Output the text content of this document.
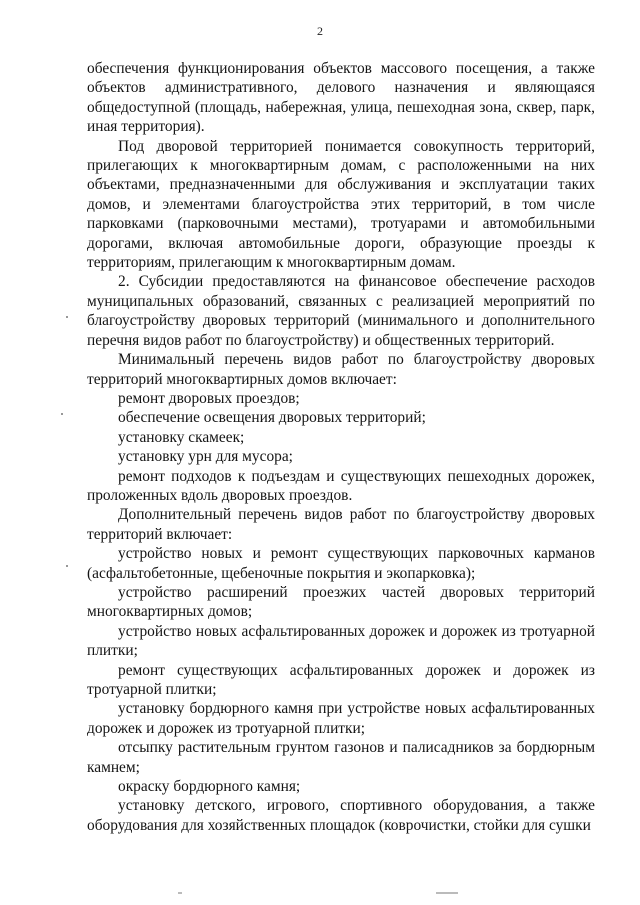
2

обеспечения функционирования объектов массового посещения, а также объектов административного, делового назначения и являющаяся общедоступной (площадь, набережная, улица, пешеходная зона, сквер, парк, иная территория).

Под дворовой территорией понимается совокупность территорий, прилегающих к многоквартирным домам, с расположенными на них объектами, предназначенными для обслуживания и эксплуатации таких домов, и элементами благоустройства этих территорий, в том числе парковками (парковочными местами), тротуарами и автомобильными дорогами, включая автомобильные дороги, образующие проезды к территориям, прилегающим к многоквартирным домам.

2. Субсидии предоставляются на финансовое обеспечение расходов муниципальных образований, связанных с реализацией мероприятий по благоустройству дворовых территорий (минимального и дополнительного перечня видов работ по благоустройству) и общественных территорий.

Минимальный перечень видов работ по благоустройству дворовых территорий многоквартирных домов включает:

ремонт дворовых проездов;

обеспечение освещения дворовых территорий;

установку скамеек;

установку урн для мусора;

ремонт подходов к подъездам и существующих пешеходных дорожек, проложенных вдоль дворовых проездов.

Дополнительный перечень видов работ по благоустройству дворовых территорий включает:

устройство новых и ремонт существующих парковочных карманов (асфальтобетонные, щебеночные покрытия и экопарковка);

устройство расширений проезжих частей дворовых территорий многоквартирных домов;

устройство новых асфальтированных дорожек и дорожек из тротуарной плитки;

ремонт существующих асфальтированных дорожек и дорожек из тротуарной плитки;

установку бордюрного камня при устройстве новых асфальтированных дорожек и дорожек из тротуарной плитки;

отсыпку растительным грунтом газонов и палисадников за бордюрным камнем;

окраску бордюрного камня;

установку детского, игрового, спортивного оборудования, а также оборудования для хозяйственных площадок (коврочистки, стойки для сушки
